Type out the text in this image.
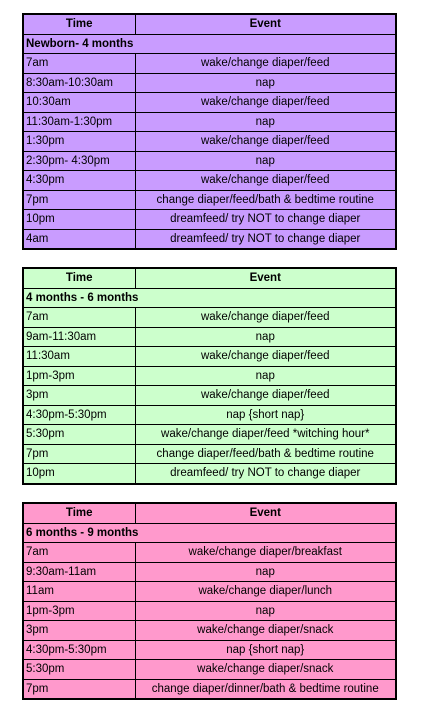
Time	Event
Newborn- 4 months	
7am	wake/change diaper/feed
8:30am-10:30am	nap
10:30am	wake/change diaper/feed
11:30am-1:30pm	nap
1:30pm	wake/change diaper/feed
2:30pm- 4:30pm	nap
4:30pm	wake/change diaper/feed
7pm	change diaper/feed/bath & bedtime routine
10pm	dreamfeed/ try NOT to change diaper
4am	dreamfeed/ try NOT to change diaper
Time	Event
4 months - 6 months	
7am	wake/change diaper/feed
9am-11:30am	nap
11:30am	wake/change diaper/feed
1pm-3pm	nap
3pm	wake/change diaper/feed
4:30pm-5:30pm	nap {short nap}
5:30pm	wake/change diaper/feed *witching hour*
7pm	change diaper/feed/bath & bedtime routine
10pm	dreamfeed/ try NOT to change diaper
Time	Event
6 months - 9 months	
7am	wake/change diaper/breakfast
9:30am-11am	nap
11am	wake/change diaper/lunch
1pm-3pm	nap
3pm	wake/change diaper/snack
4:30pm-5:30pm	nap {short nap}
5:30pm	wake/change diaper/snack
7pm	change diaper/dinner/bath & bedtime routine
